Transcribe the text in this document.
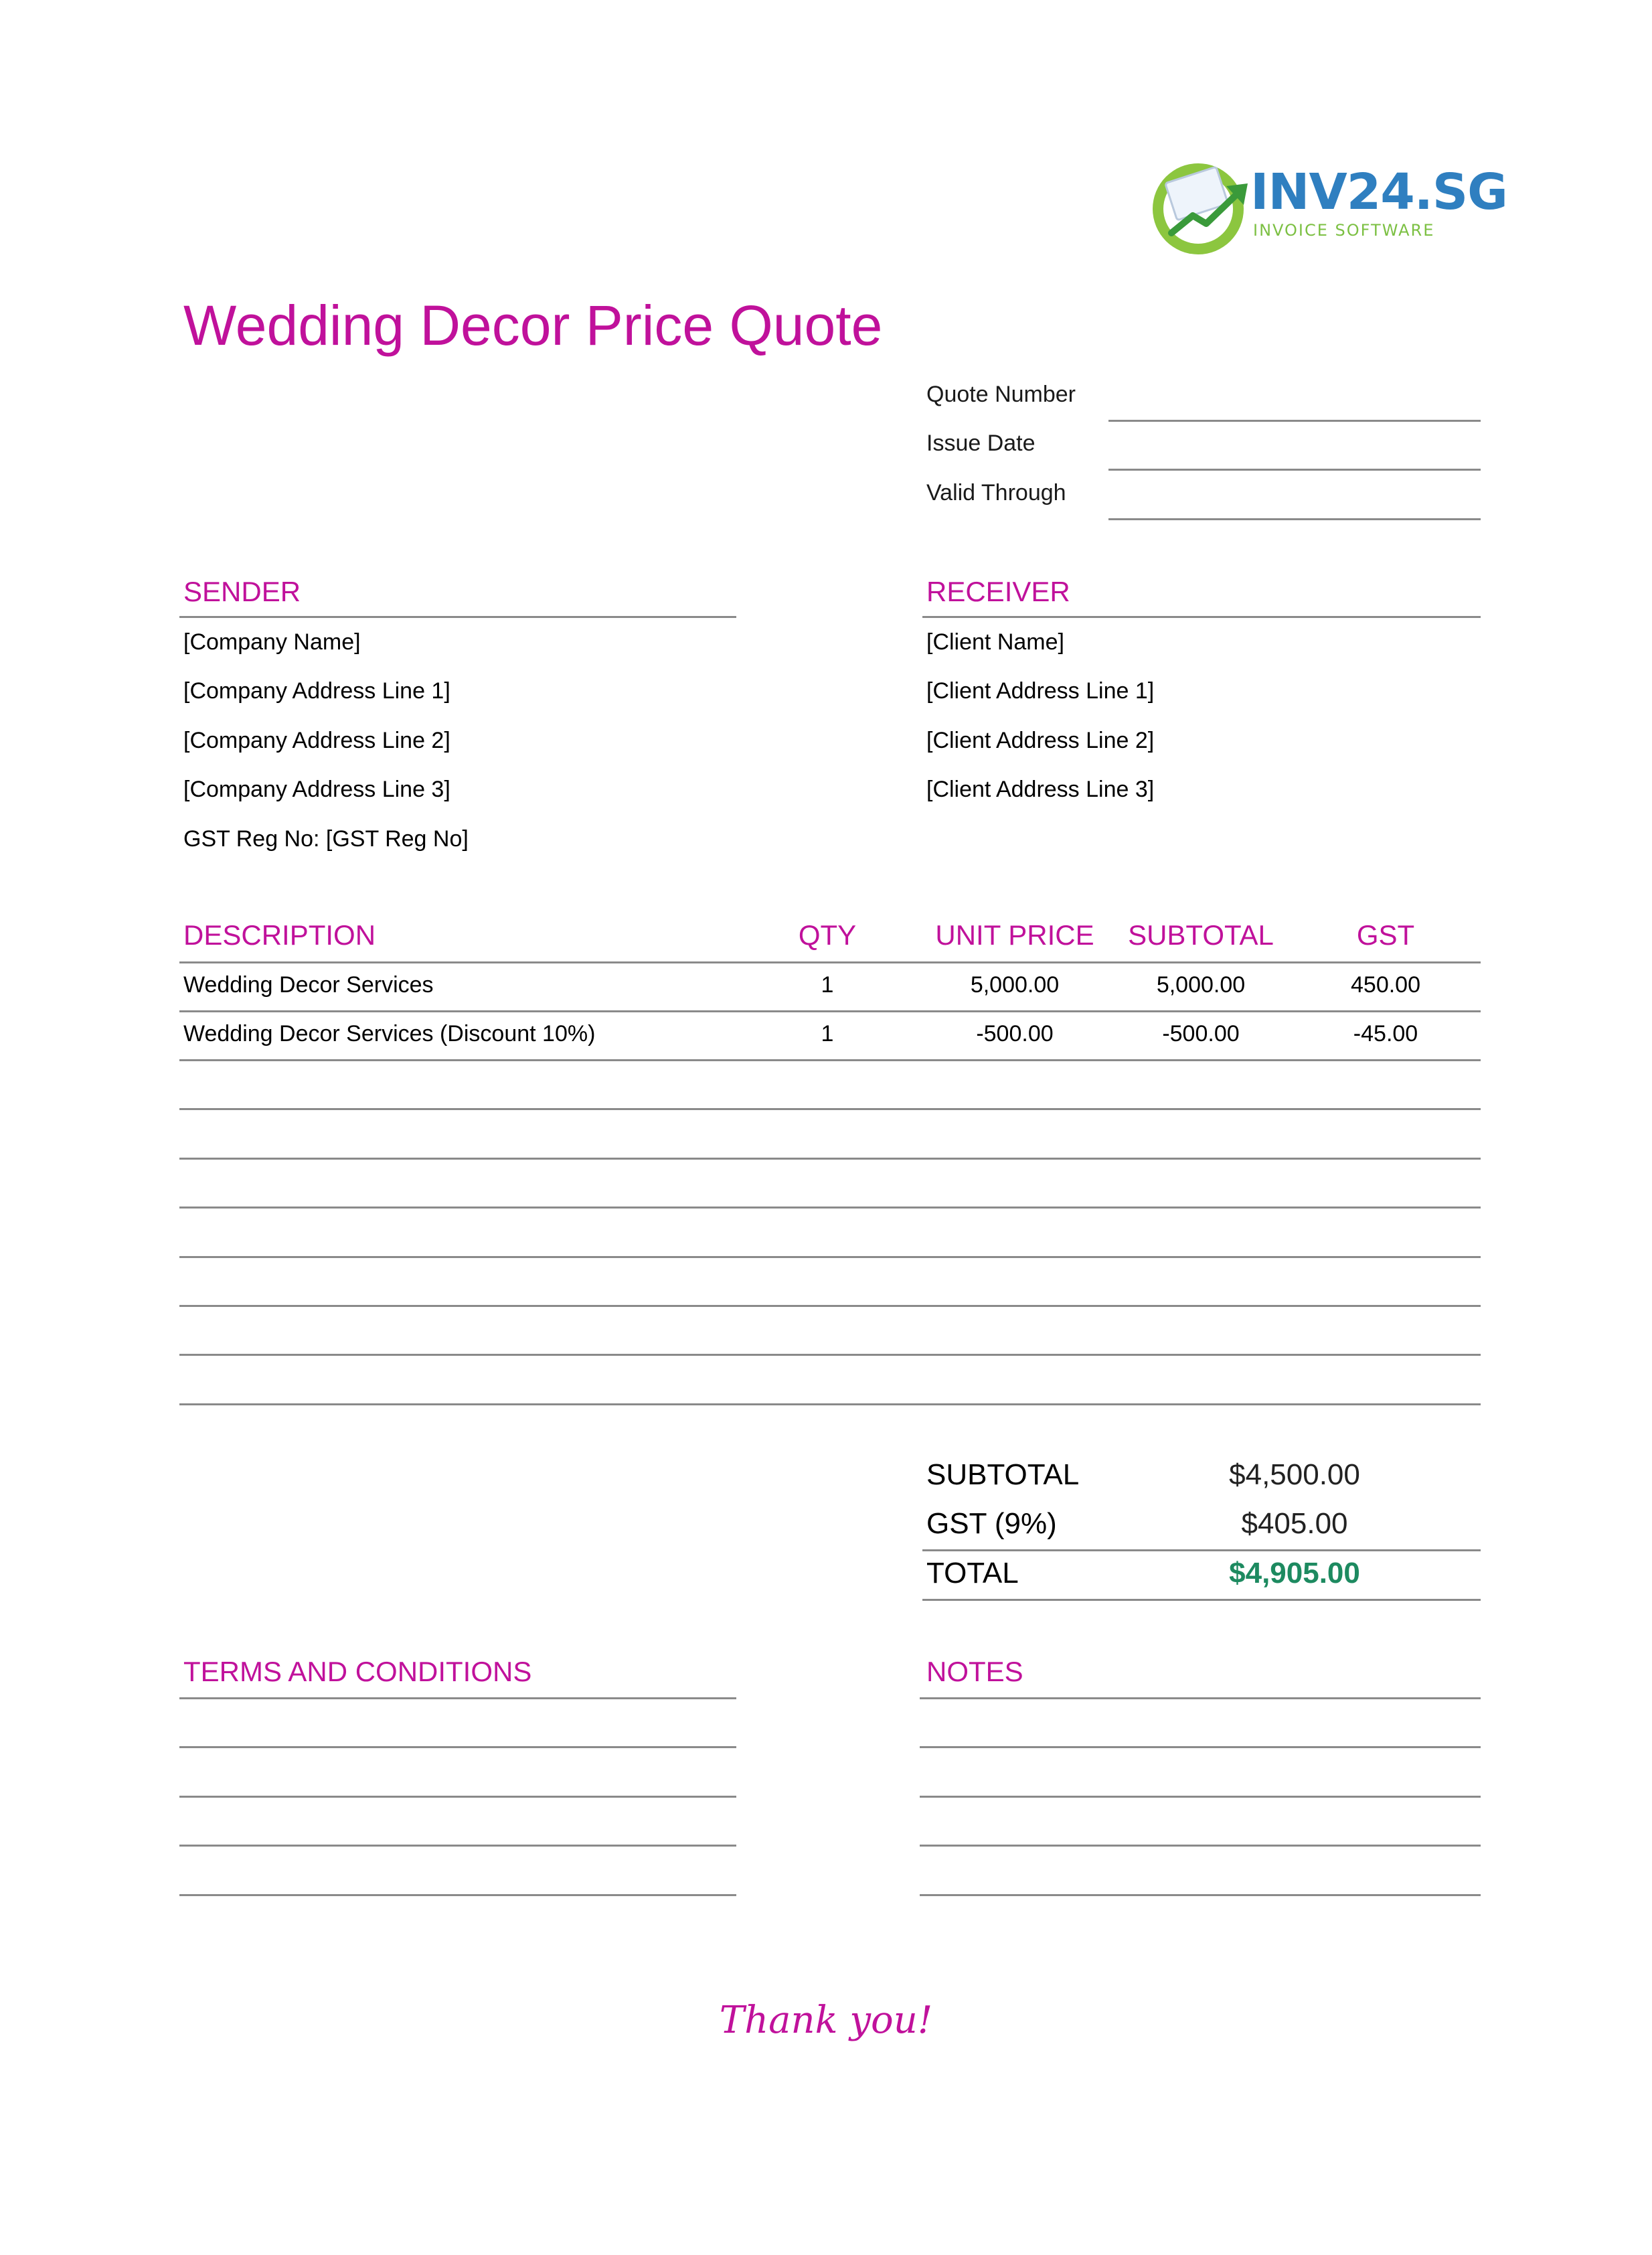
INV24.SG
INVOICE SOFTWARE
Wedding Decor Price Quote
Quote Number
Issue Date
Valid Through
SENDER
[Company Name]
[Company Address Line 1]
[Company Address Line 2]
[Company Address Line 3]
GST Reg No: [GST Reg No]
RECEIVER
[Client Name]
[Client Address Line 1]
[Client Address Line 2]
[Client Address Line 3]
DESCRIPTION	QTY	UNIT PRICE	SUBTOTAL	GST
Wedding Decor Services	1	5,000.00	5,000.00	450.00
Wedding Decor Services (Discount 10%)	1	-500.00	-500.00	-45.00
SUBTOTAL	$4,500.00
GST (9%)	$405.00
TOTAL	$4,905.00
TERMS AND CONDITIONS	NOTES
Thank you!
